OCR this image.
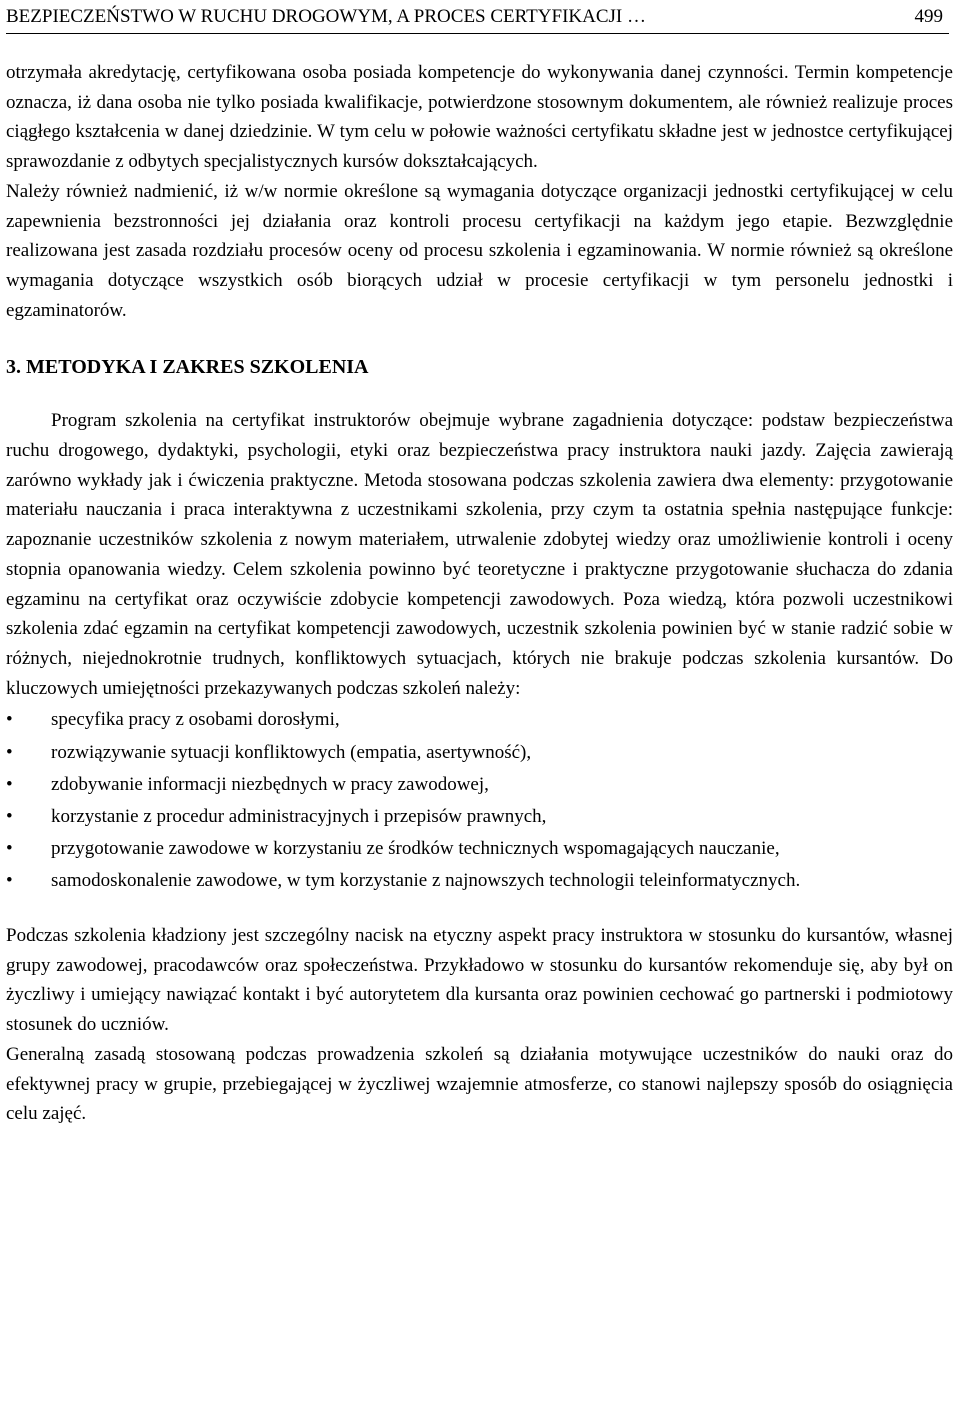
BEZPIECZEŃSTWO W RUCHU DROGOWYM, A PROCES CERTYFIKACJI …	499

otrzymała akredytację, certyfikowana osoba posiada kompetencje do wykonywania danej czynności. Termin kompetencje oznacza, iż dana osoba nie tylko posiada kwalifikacje, potwierdzone stosownym dokumentem, ale również realizuje proces ciągłego kształcenia w danej dziedzinie. W tym celu w połowie ważności certyfikatu składne jest w jednostce certyfikującej sprawozdanie z odbytych specjalistycznych kursów dokształcających.

Należy również nadmienić, iż w/w normie określone są wymagania dotyczące organizacji jednostki certyfikującej w celu zapewnienia bezstronności jej działania oraz kontroli procesu certyfikacji na każdym jego etapie. Bezwzględnie realizowana jest zasada rozdziału procesów oceny od procesu szkolenia i egzaminowania. W normie również są określone wymagania dotyczące wszystkich osób biorących udział w procesie certyfikacji w tym personelu jednostki i egzaminatorów.

3. METODYKA I ZAKRES SZKOLENIA

Program szkolenia na certyfikat instruktorów obejmuje wybrane zagadnienia dotyczące: podstaw bezpieczeństwa ruchu drogowego, dydaktyki, psychologii, etyki oraz bezpieczeństwa pracy instruktora nauki jazdy. Zajęcia zawierają zarówno wykłady jak i ćwiczenia praktyczne. Metoda stosowana podczas szkolenia zawiera dwa elementy: przygotowanie materiału nauczania i praca interaktywna z uczestnikami szkolenia, przy czym ta ostatnia spełnia następujące funkcje: zapoznanie uczestników szkolenia z nowym materiałem, utrwalenie zdobytej wiedzy oraz umożliwienie kontroli i oceny stopnia opanowania wiedzy. Celem szkolenia powinno być teoretyczne i praktyczne przygotowanie słuchacza do zdania egzaminu na certyfikat oraz oczywiście zdobycie kompetencji zawodowych. Poza wiedzą, która pozwoli uczestnikowi szkolenia zdać egzamin na certyfikat kompetencji zawodowych, uczestnik szkolenia powinien być w stanie radzić sobie w różnych, niejednokrotnie trudnych, konfliktowych sytuacjach, których nie brakuje podczas szkolenia kursantów. Do kluczowych umiejętności przekazywanych podczas szkoleń należy:

• specyfika pracy z osobami dorosłymi,
• rozwiązywanie sytuacji konfliktowych (empatia, asertywność),
• zdobywanie informacji niezbędnych w pracy zawodowej,
• korzystanie z procedur administracyjnych i przepisów prawnych,
• przygotowanie zawodowe w korzystaniu ze środków technicznych wspomagających nauczanie,
• samodoskonalenie zawodowe, w tym korzystanie z najnowszych technologii teleinformatycznych.

Podczas szkolenia kładziony jest szczególny nacisk na etyczny aspekt pracy instruktora w stosunku do kursantów, własnej grupy zawodowej, pracodawców oraz społeczeństwa. Przykładowo w stosunku do kursantów rekomenduje się, aby był on życzliwy i umiejący nawiązać kontakt i być autorytetem dla kursanta oraz powinien cechować go partnerski i podmiotowy stosunek do uczniów.

Generalną zasadą stosowaną podczas prowadzenia szkoleń są działania motywujące uczestników do nauki oraz do efektywnej pracy w grupie, przebiegającej w życzliwej wzajemnie atmosferze, co stanowi najlepszy sposób do osiągnięcia celu zajęć.
